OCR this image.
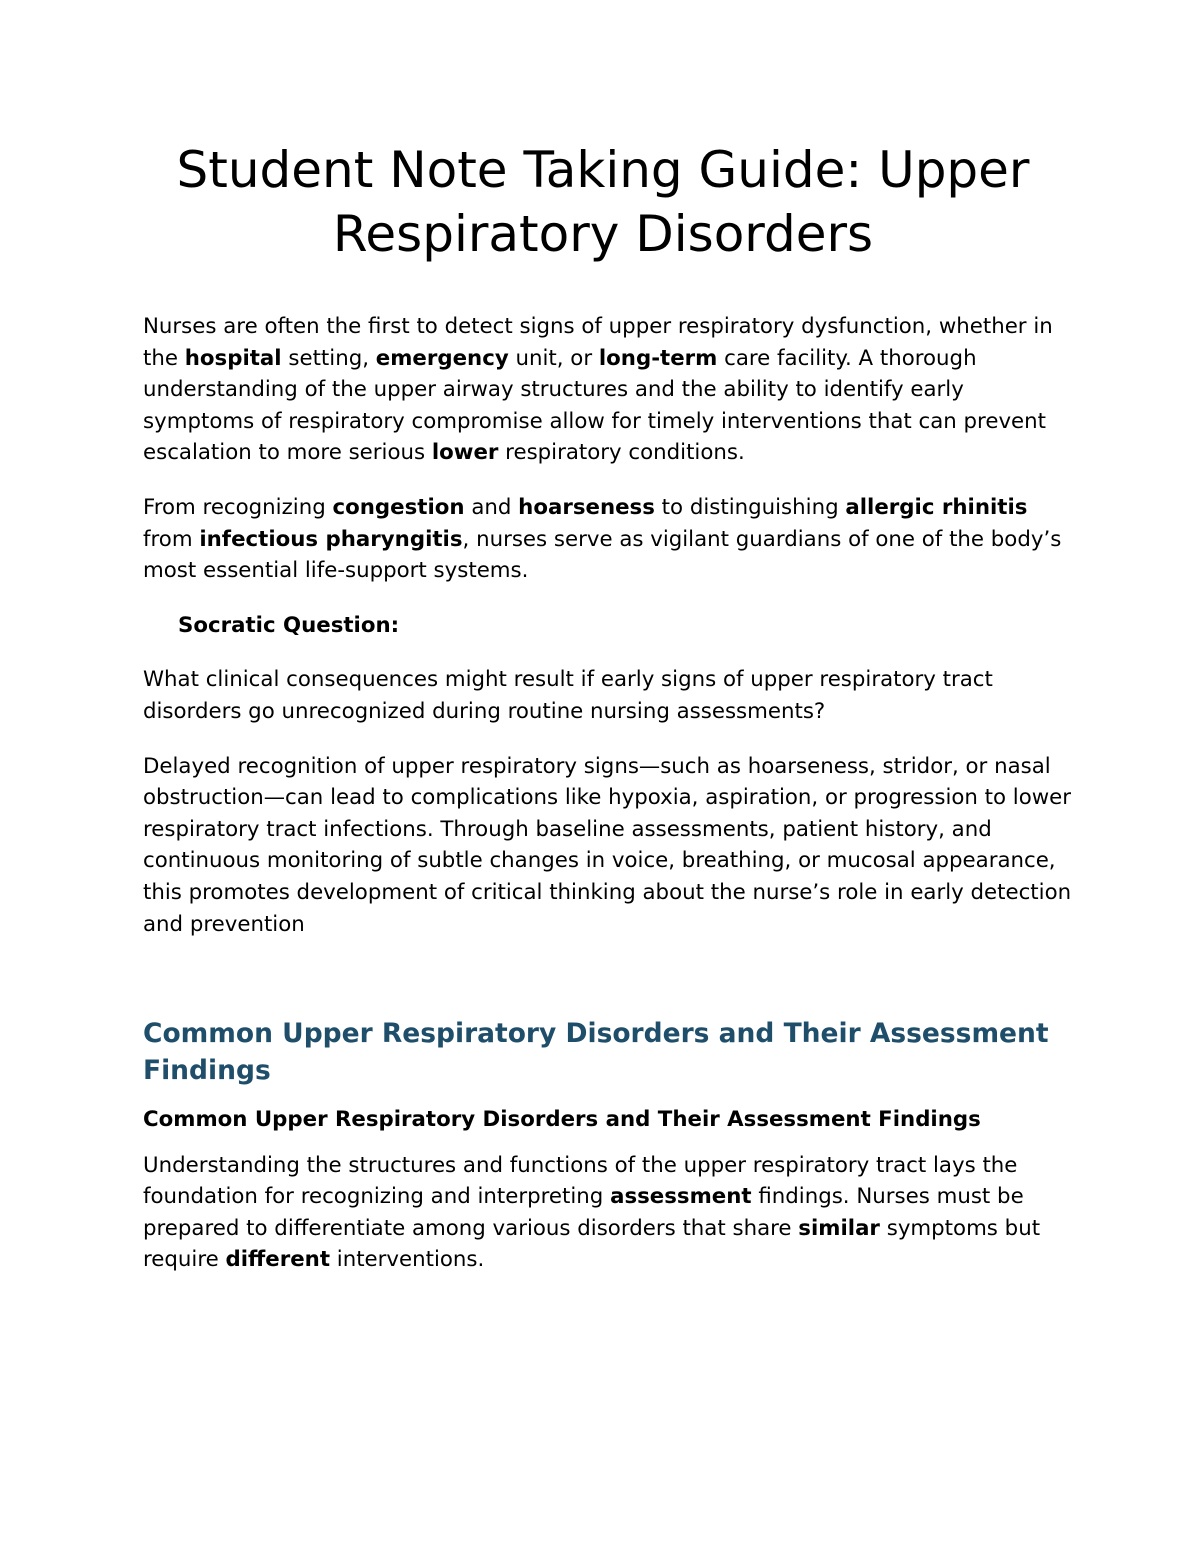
Student Note Taking Guide: Upper Respiratory Disorders

Nurses are often the first to detect signs of upper respiratory dysfunction, whether in the hospital setting, emergency unit, or long-term care facility. A thorough understanding of the upper airway structures and the ability to identify early symptoms of respiratory compromise allow for timely interventions that can prevent escalation to more serious lower respiratory conditions.

From recognizing congestion and hoarseness to distinguishing allergic rhinitis from infectious pharyngitis, nurses serve as vigilant guardians of one of the body’s most essential life-support systems.

Socratic Question:

What clinical consequences might result if early signs of upper respiratory tract disorders go unrecognized during routine nursing assessments?

Delayed recognition of upper respiratory signs—such as hoarseness, stridor, or nasal obstruction—can lead to complications like hypoxia, aspiration, or progression to lower respiratory tract infections. Through baseline assessments, patient history, and continuous monitoring of subtle changes in voice, breathing, or mucosal appearance, this promotes development of critical thinking about the nurse’s role in early detection and prevention

Common Upper Respiratory Disorders and Their Assessment Findings
Common Upper Respiratory Disorders and Their Assessment Findings

Understanding the structures and functions of the upper respiratory tract lays the foundation for recognizing and interpreting assessment findings. Nurses must be prepared to differentiate among various disorders that share similar symptoms but require different interventions.
